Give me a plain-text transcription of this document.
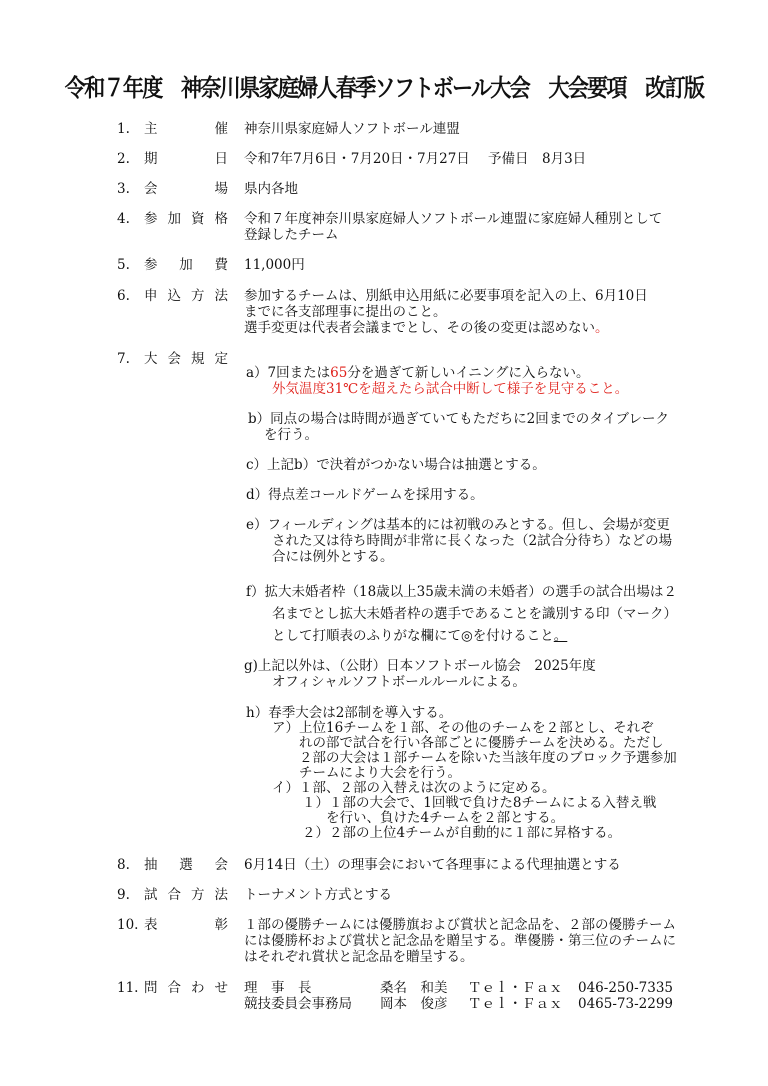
令和７年度　神奈川県家庭婦人春季ソフトボール大会　大会要項　改訂版
1. 主	催 神奈川県家庭婦人ソフトボール連盟
2. 期	日 令和7年7月6日・7月20日・7月27日 予備日　8月3日
3. 会	場 県内各地
4. 参 加 資 格 令和７年度神奈川県家庭婦人ソフトボール連盟に家庭婦人種別として
登録したチーム
5. 参 加 費 11,000円
6. 申 込 方 法 参加するチームは、別紙申込用紙に必要事項を記入の上、6月10日
までに各支部理事に提出のこと。
選手変更は代表者会議までとし、その後の変更は認めない。
7. 大 会 規 定
a）7回または65分を過ぎて新しいイニングに入らない。
外気温度31℃を超えたら試合中断して様子を見守ること。
b）同点の場合は時間が過ぎていてもただちに2回までのタイブレーク
を行う。
c）上記b）で決着がつかない場合は抽選とする。
d）得点差コールドゲームを採用する。
e）フィールディングは基本的には初戦のみとする。但し、会場が変更
された又は待ち時間が非常に長くなった（2試合分待ち）などの場
合には例外とする。
f）拡大未婚者枠（18歳以上35歳未満の未婚者）の選手の試合出場は２
名までとし拡大未婚者枠の選手であることを識別する印（マーク）
として打順表のふりがな欄にて◎を付けること。
g)上記以外は、（公財）日本ソフトボール協会　2025年度
オフィシャルソフトボールルールによる。
h）春季大会は2部制を導入する。
ア）上位16チームを１部、その他のチームを２部とし、それぞ
れの部で試合を行い各部ごとに優勝チームを決める。ただし
２部の大会は１部チームを除いた当該年度のブロック予選参加
チームにより大会を行う。
イ）１部、２部の入替えは次のように定める。
１）１部の大会で、1回戦で負けた8チームによる入替え戦
を行い、負けた4チームを２部とする。
２）２部の上位4チームが自動的に１部に昇格する。
8. 抽 選 会 6月14日（土）の理事会において各理事による代理抽選とする
9. 試 合 方 法 トーナメント方式とする
10. 表	彰 １部の優勝チームには優勝旗および賞状と記念品を、２部の優勝チーム
には優勝杯および賞状と記念品を贈呈する。準優勝・第三位のチームに
はそれぞれ賞状と記念品を贈呈する。
11. 問 合 わ せ 理　事　長	桑名　和美 Ｔｅｌ・Ｆａｘ 046-250-7335
競技委員会事務局 岡本　俊彦 Ｔｅｌ・Ｆａｘ 0465-73-2299
